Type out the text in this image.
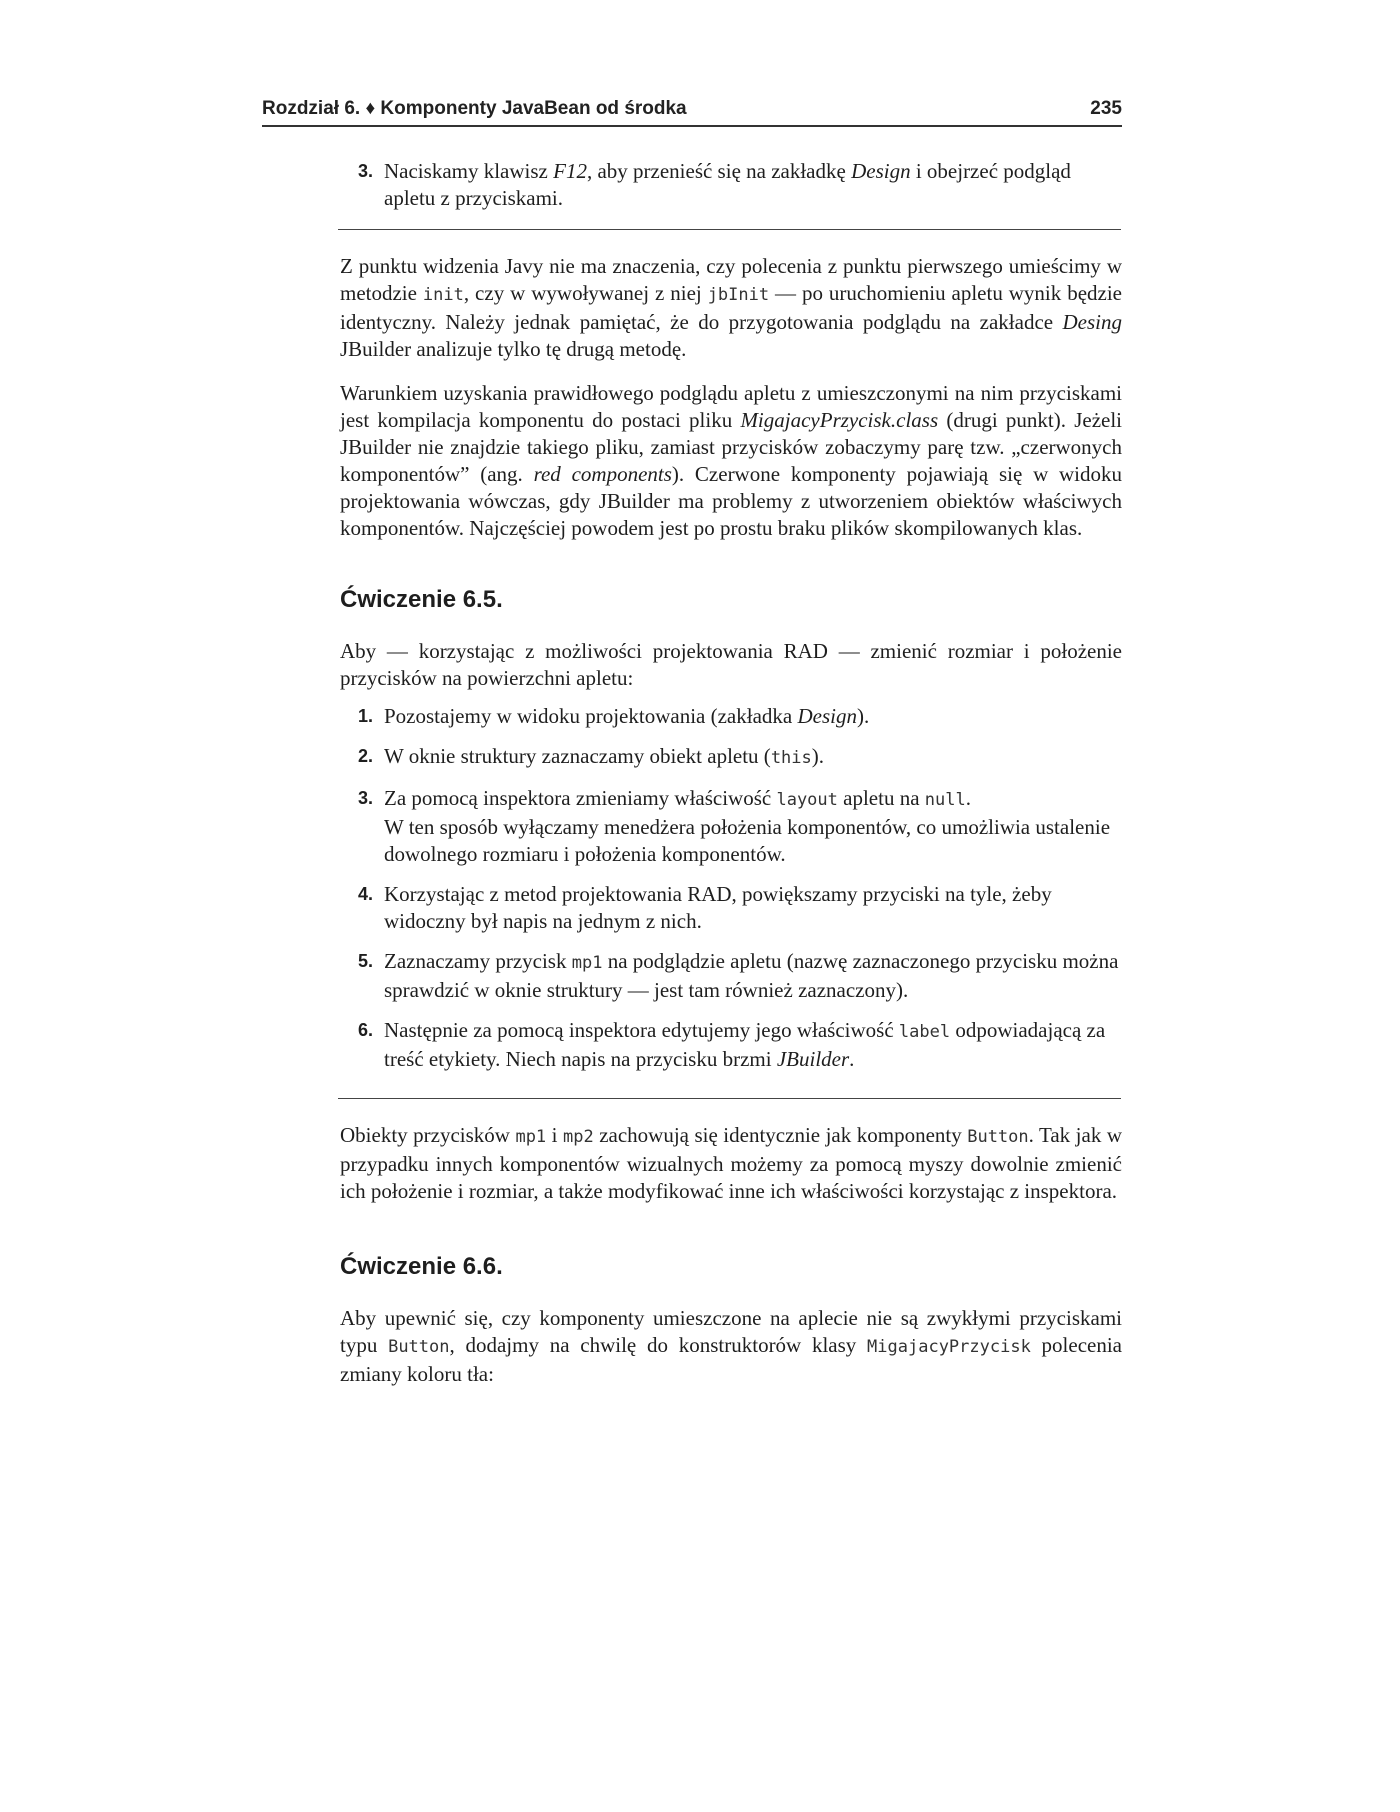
Rozdział 6. ♦ Komponenty JavaBean od środka	235
3. Naciskamy klawisz F12, aby przenieść się na zakładkę Design i obejrzeć podgląd apletu z przyciskami.

Z punktu widzenia Javy nie ma znaczenia, czy polecenia z punktu pierwszego umieścimy w metodzie init, czy w wywoływanej z niej jbInit — po uruchomieniu apletu wynik będzie identyczny. Należy jednak pamiętać, że do przygotowania podglądu na zakładce Desing JBuilder analizuje tylko tę drugą metodę.

Warunkiem uzyskania prawidłowego podglądu apletu z umieszczonymi na nim przyciskami jest kompilacja komponentu do postaci pliku MigajacyPrzycisk.class (drugi punkt). Jeżeli JBuilder nie znajdzie takiego pliku, zamiast przycisków zobaczymy parę tzw. „czerwonych komponentów” (ang. red components). Czerwone komponenty pojawiają się w widoku projektowania wówczas, gdy JBuilder ma problemy z utworzeniem obiektów właściwych komponentów. Najczęściej powodem jest po prostu braku plików skompilowanych klas.

Ćwiczenie 6.5.

Aby — korzystając z możliwości projektowania RAD — zmienić rozmiar i położenie przycisków na powierzchni apletu:

1. Pozostajemy w widoku projektowania (zakładka Design).
2. W oknie struktury zaznaczamy obiekt apletu (this).
3. Za pomocą inspektora zmieniamy właściwość layout apletu na null.
W ten sposób wyłączamy menedżera położenia komponentów, co umożliwia ustalenie dowolnego rozmiaru i położenia komponentów.
4. Korzystając z metod projektowania RAD, powiększamy przyciski na tyle, żeby widoczny był napis na jednym z nich.
5. Zaznaczamy przycisk mp1 na podglądzie apletu (nazwę zaznaczonego przycisku można sprawdzić w oknie struktury — jest tam również zaznaczony).
6. Następnie za pomocą inspektora edytujemy jego właściwość label odpowiadającą za treść etykiety. Niech napis na przycisku brzmi JBuilder.

Obiekty przycisków mp1 i mp2 zachowują się identycznie jak komponenty Button. Tak jak w przypadku innych komponentów wizualnych możemy za pomocą myszy dowolnie zmienić ich położenie i rozmiar, a także modyfikować inne ich właściwości korzystając z inspektora.

Ćwiczenie 6.6.

Aby upewnić się, czy komponenty umieszczone na aplecie nie są zwykłymi przyciskami typu Button, dodajmy na chwilę do konstruktorów klasy MigajacyPrzycisk polecenia zmiany koloru tła:
